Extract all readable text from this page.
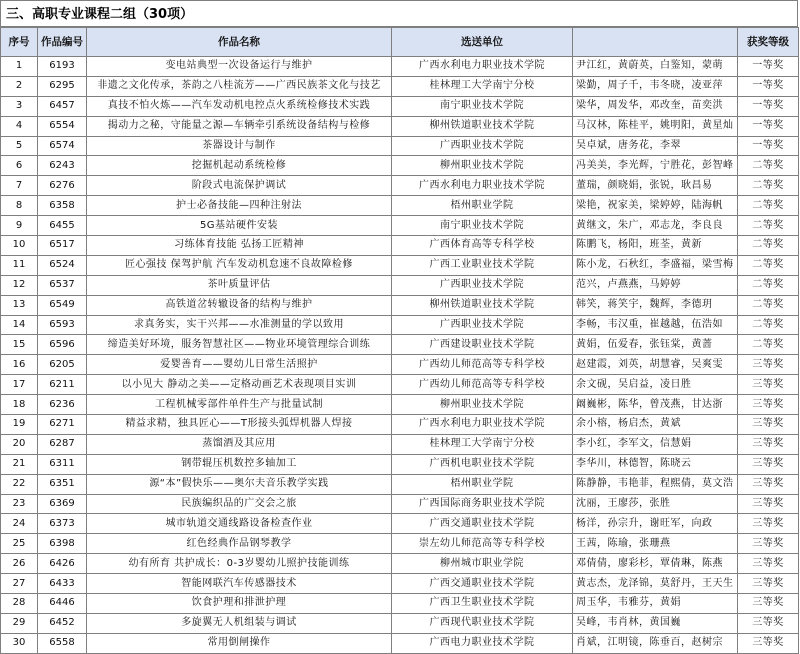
三、高职专业课程二组（30项）
序号	作品编号	作品名称	选送单位		获奖等级
1	6193	变电站典型一次设备运行与维护	广西水利电力职业技术学院	尹江红，黄蔚英，白鉴知，蒙萌	一等奖
2	6295	非遗之文化传承，茶韵之八桂流芳——广西民族茶文化与技艺	桂林理工大学南宁分校	梁勤，周子千，韦冬晓，凌亚萍	一等奖
3	6457	真技不怕火炼——汽车发动机电控点火系统检修技术实践	南宁职业技术学院	梁华，周发华，邓改奎，苗奕洪	一等奖
4	6554	揭动力之秘，守能量之源—车辆牵引系统设备结构与检修	柳州铁道职业技术学院	马汉林，陈桂平，姚明阳，黄星灿	一等奖
5	6574	茶器设计与制作	广西职业技术学院	吴卓斌，唐务花，李翠	一等奖
6	6243	挖掘机起动系统检修	柳州职业技术学院	冯美美，李光辉，宁胜花，彭智峰	二等奖
7	6276	阶段式电流保护调试	广西水利电力职业技术学院	董瑞，颜晓娟，张锐，耿昌易	二等奖
8	6358	护士必备技能—四种注射法	梧州职业学院	梁艳，祝家美，梁婷婷，陆海帆	二等奖
9	6455	5G基站硬件安装	南宁职业技术学院	黄继文，朱广，邓志龙，李良良	二等奖
10	6517	习练体育技能 弘扬工匠精神	广西体育高等专科学校	陈鹏飞，杨阳，班荃，黄新	二等奖
11	6524	匠心强技 保驾护航 汽车发动机怠速不良故障检修	广西工业职业技术学院	陈小龙，石秋红，李盛福，梁雪梅	二等奖
12	6537	茶叶质量评估	广西职业技术学院	范兴，卢燕燕，马婷婷	二等奖
13	6549	高铁道岔转辙设备的结构与维护	柳州铁道职业技术学院	韩笑，蒋笑宇，魏辉，李德玥	二等奖
14	6593	求真务实，实干兴邦——水准测量的学以致用	广西职业技术学院	李畅，韦汉重，崔越越，伍浩如	二等奖
15	6596	缔造美好环境，服务智慧社区——物业环境管理综合训练	广西建设职业技术学院	黄娟，伍爱春，张钰棠，黄蔷	二等奖
16	6205	爱婴善育——婴幼儿日常生活照护	广西幼儿师范高等专科学校	赵建霞，刘英，胡慧睿，吴爽雯	三等奖
17	6211	以小见大 静动之美——定格动画艺术表现项目实训	广西幼儿师范高等专科学校	余文砚，吴启益，凌日胜	三等奖
18	6236	工程机械零部件单件生产与批量试制	柳州职业技术学院	阚巍彬，陈华，曾茂燕，甘达浙	三等奖
19	6271	精益求精，独具匠心——T形接头弧焊机器人焊接	广西水利电力职业技术学院	余小榕，杨启杰，黄斌	三等奖
20	6287	蒸馏酒及其应用	桂林理工大学南宁分校	李小红，李军文，信慧娟	三等奖
21	6311	钢带辊压机数控多轴加工	广西机电职业技术学院	李华川，林德智，陈晓云	三等奖
22	6351	源“本”假快乐——奥尔夫音乐教学实践	梧州职业学院	陈静静，韦艳菲，程熙倩，莫文浩	三等奖
23	6369	民族编织品的广交会之旅	广西国际商务职业技术学院	沈丽，王廖莎，张胜	三等奖
24	6373	城市轨道交通线路设备检查作业	广西交通职业技术学院	杨洋，孙宗升，谢旺军，向政	三等奖
25	6398	红色经典作品钢琴教学	崇左幼儿师范高等专科学校	王茜，陈瑜，张珊燕	三等奖
26	6426	幼有所育 共护成长：0-3岁婴幼儿照护技能训练	柳州城市职业学院	邓倩倩，廖彩杉，覃倩琳，陈燕	三等奖
27	6433	智能网联汽车传感器技术	广西交通职业技术学院	黄志杰，龙泽锦，莫舒丹，王天生	三等奖
28	6446	饮食护理和排泄护理	广西卫生职业技术学院	周玉华，韦雅芬，黄娟	三等奖
29	6452	多旋翼无人机组装与调试	广西现代职业技术学院	吴峰，韦肖林，黄国巍	三等奖
30	6558	常用倒闸操作	广西电力职业技术学院	肖斌，江明镜，陈垂百，赵树宗	三等奖
